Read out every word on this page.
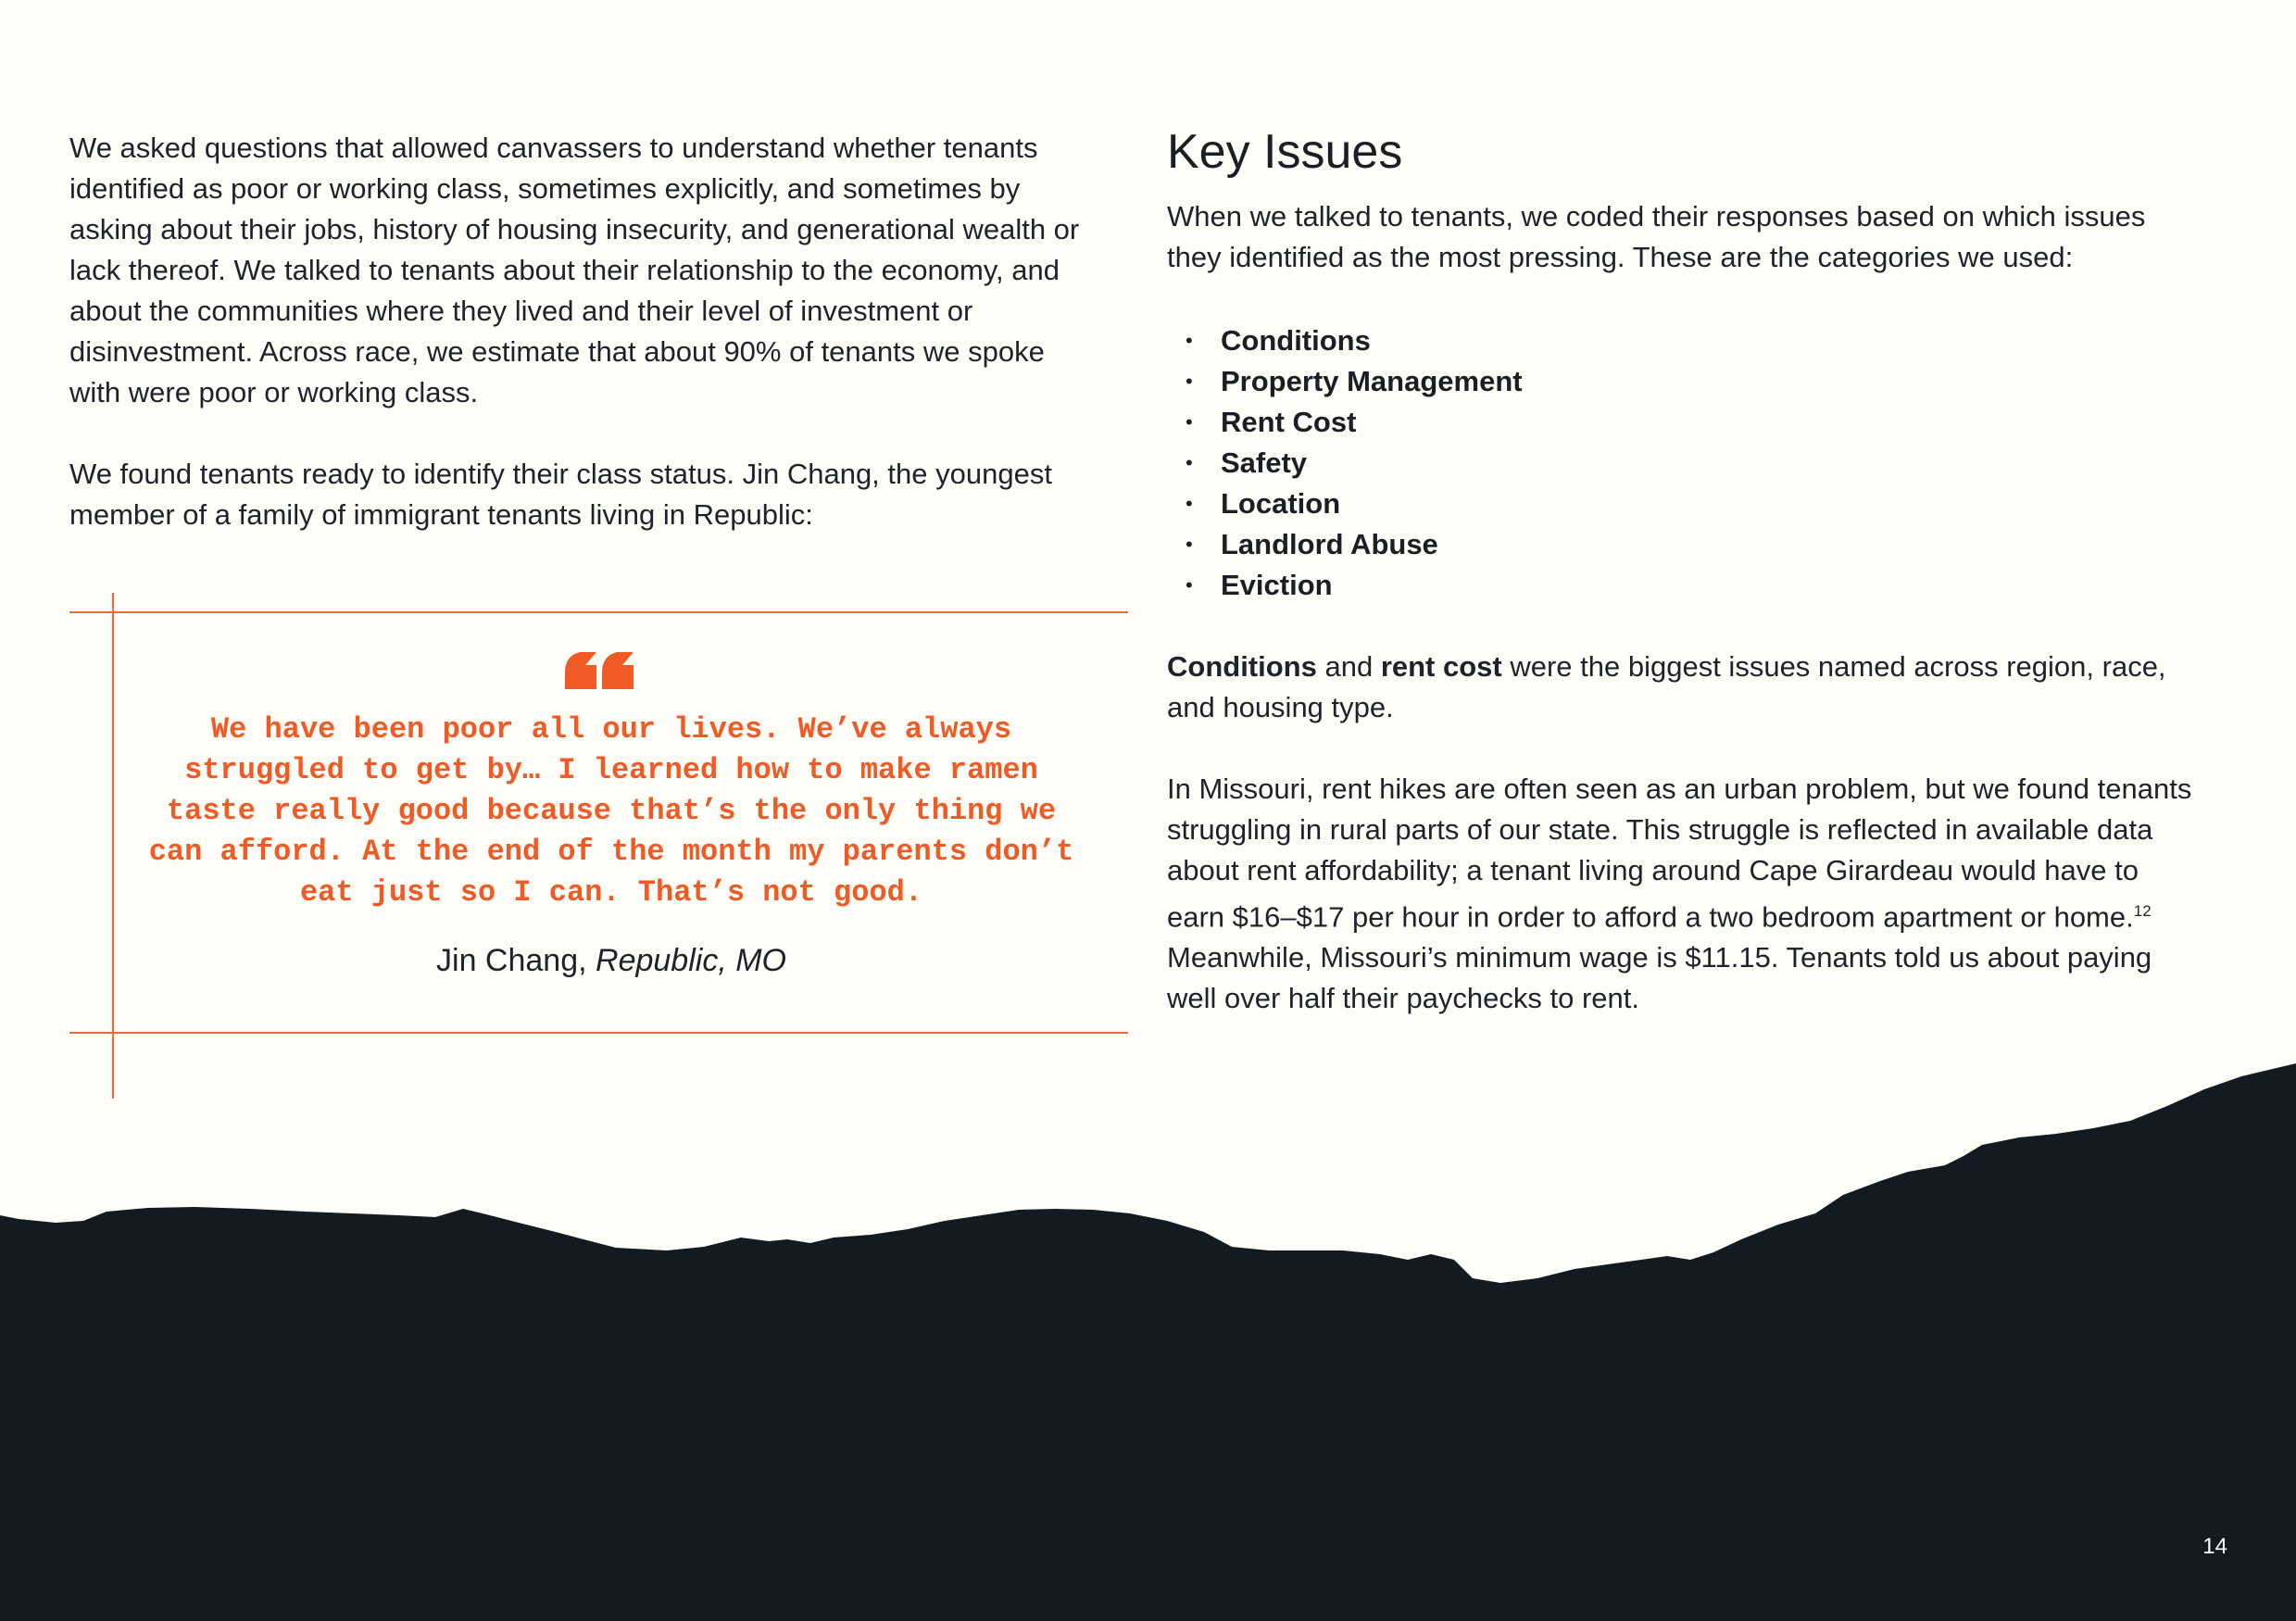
We asked questions that allowed canvassers to understand whether tenants identified as poor or working class, sometimes explicitly, and sometimes by asking about their jobs, history of housing insecurity, and generational wealth or lack thereof. We talked to tenants about their relationship to the economy, and about the communities where they lived and their level of investment or disinvestment. Across race, we estimate that about 90% of tenants we spoke with were poor or working class.

We found tenants ready to identify their class status. Jin Chang, the youngest member of a family of immigrant tenants living in Republic:

We have been poor all our lives. We’ve always struggled to get by… I learned how to make ramen taste really good because that’s the only thing we can afford. At the end of the month my parents don’t eat just so I can. That’s not good.
Jin Chang, Republic, MO
Key Issues

When we talked to tenants, we coded their responses based on which issues they identified as the most pressing. These are the categories we used:

• Conditions
• Property Management
• Rent Cost
• Safety
• Location
• Landlord Abuse
• Eviction

Conditions and rent cost were the biggest issues named across region, race, and housing type.

In Missouri, rent hikes are often seen as an urban problem, but we found tenants struggling in rural parts of our state. This struggle is reflected in available data about rent affordability; a tenant living around Cape Girardeau would have to earn $16–$17 per hour in order to afford a two bedroom apartment or home.$^{12}$ Meanwhile, Missouri’s minimum wage is $11.15. Tenants told us about paying well over half their paychecks to rent.

14
